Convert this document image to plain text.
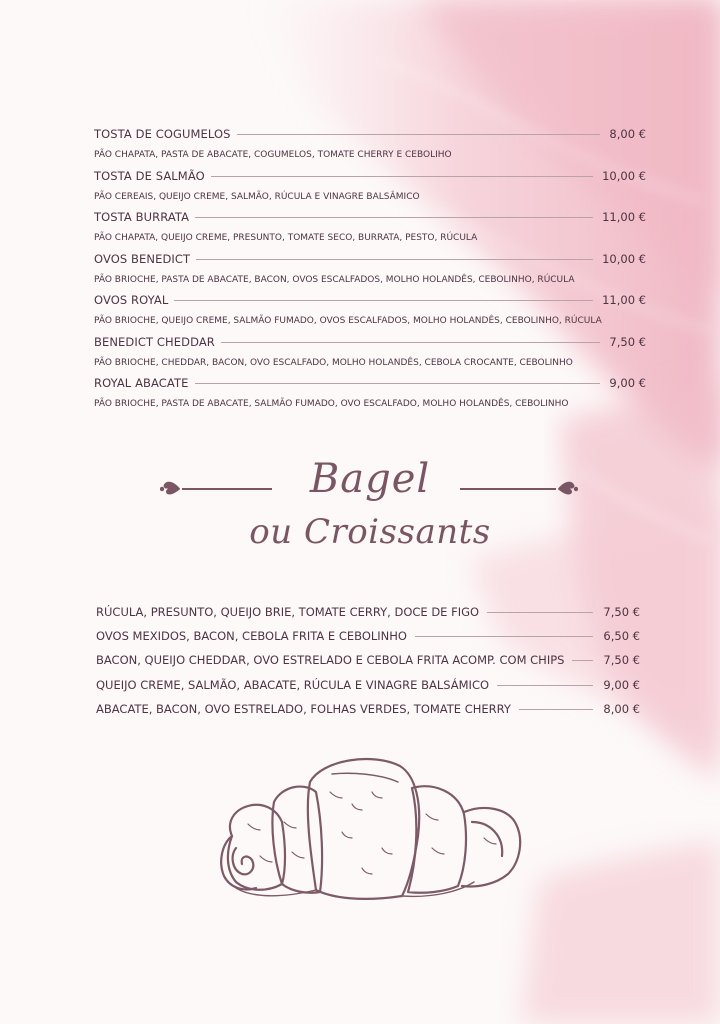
TOSTA DE COGUMELOS	8,00 €
PÃO CHAPATA, PASTA DE ABACATE, COGUMELOS, TOMATE CHERRY E CEBOLIHO
TOSTA DE SALMÃO	10,00 €
PÃO CEREAIS, QUEIJO CREME, SALMÃO, RÚCULA E VINAGRE BALSÂMICO
TOSTA BURRATA	11,00 €
PÃO CHAPATA, QUEIJO CREME, PRESUNTO, TOMATE SECO, BURRATA, PESTO, RÚCULA
OVOS BENEDICT	10,00 €
PÃO BRIOCHE, PASTA DE ABACATE, BACON, OVOS ESCALFADOS, MOLHO HOLANDÊS, CEBOLINHO, RÚCULA
OVOS ROYAL	11,00 €
PÃO BRIOCHE, QUEIJO CREME, SALMÃO FUMADO, OVOS ESCALFADOS, MOLHO HOLANDÊS, CEBOLINHO, RÚCULA
BENEDICT CHEDDAR	7,50 €
PÃO BRIOCHE, CHEDDAR, BACON, OVO ESCALFADO, MOLHO HOLANDÊS, CEBOLA CROCANTE, CEBOLINHO
ROYAL ABACATE	9,00 €
PÃO BRIOCHE, PASTA DE ABACATE, SALMÃO FUMADO, OVO ESCALFADO, MOLHO HOLANDÊS, CEBOLINHO
Bagel
ou Croissants
RÚCULA, PRESUNTO, QUEIJO BRIE, TOMATE CERRY, DOCE DE FIGO	7,50 €
OVOS MEXIDOS, BACON, CEBOLA FRITA E CEBOLINHO	6,50 €
BACON, QUEIJO CHEDDAR, OVO ESTRELADO E CEBOLA FRITA ACOMP. COM CHIPS	7,50 €
QUEIJO CREME, SALMÃO, ABACATE, RÚCULA E VINAGRE BALSÁMICO	9,00 €
ABACATE, BACON, OVO ESTRELADO, FOLHAS VERDES, TOMATE CHERRY	8,00 €
